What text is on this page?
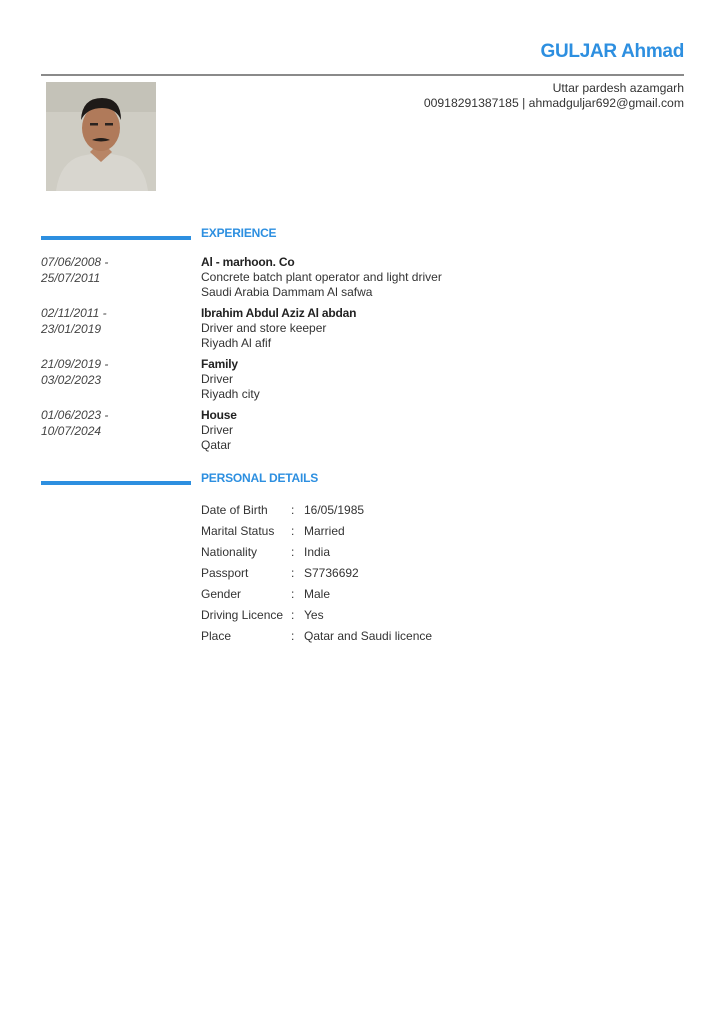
GULJAR Ahmad
Uttar pardesh azamgarh
00918291387185 | ahmadguljar692@gmail.com
EXPERIENCE
07/06/2008 -
25/07/2011
Al - marhoon. Co
Concrete batch plant operator and light driver
Saudi Arabia Dammam Al safwa
02/11/2011 -
23/01/2019
Ibrahim Abdul Aziz Al abdan
Driver and store keeper
Riyadh Al afif
21/09/2019 -
03/02/2023
Family
Driver
Riyadh city
01/06/2023 -
10/07/2024
House
Driver
Qatar
PERSONAL DETAILS
Date of Birth : 16/05/1985
Marital Status : Married
Nationality	: India
Passport	: S7736692
Gender	: Male
Driving Licence : Yes
Place	: Qatar and Saudi licence
